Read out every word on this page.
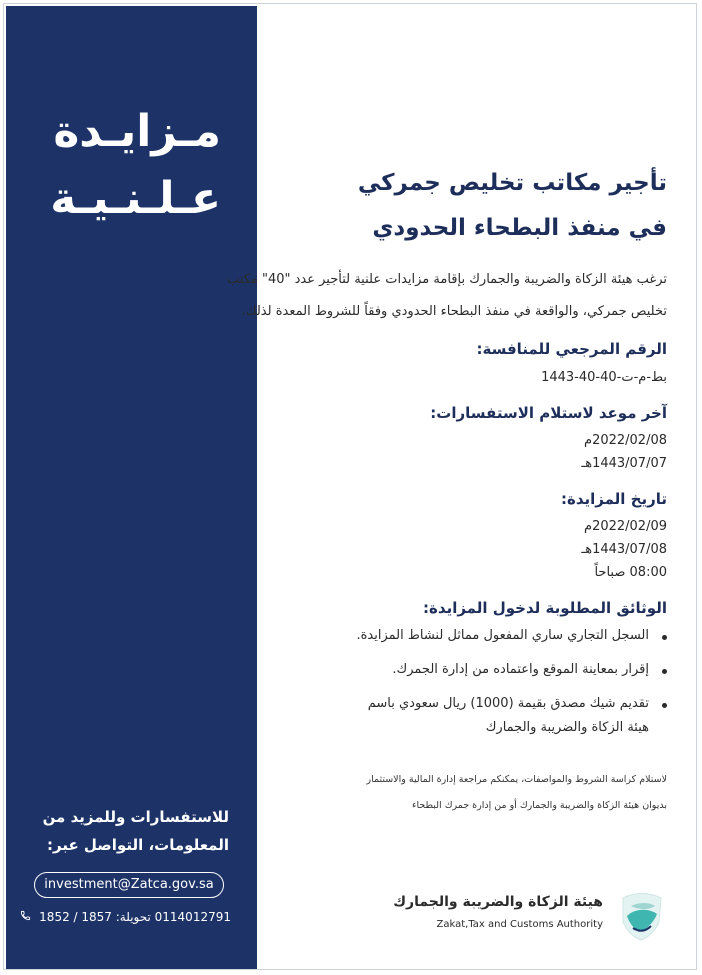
مـزايـدة
عـلـنـيـة
للاستفسارات وللمزيد من
المعلومات، التواصل عبر:
investment@Zatca.gov.sa
0114012791 تحويلة: 1857 / 1852
تأجير مكاتب تخليص جمركي
في منفذ البطحاء الحدودي
ترغب هيئة الزكاة والضريبة والجمارك بإقامة مزايدات علنية لتأجير عدد "40" مكتب
تخليص جمركي، والواقعة في منفذ البطحاء الحدودي وفقاً للشروط المعدة لذلك.
الرقم المرجعي للمنافسة:
بط-م-ت-40-40-1443
آخر موعد لاستلام الاستفسارات:
2022/02/08م
1443/07/07هـ
تاريخ المزايدة:
2022/02/09م
1443/07/08هـ
08:00 صباحاً
الوثائق المطلوبة لدخول المزايدة:
السجل التجاري ساري المفعول مماثل لنشاط المزايدة.
إقرار بمعاينة الموقع واعتماده من إدارة الجمرك.
تقديم شيك مصدق بقيمة (1000) ريال سعودي باسم
هيئة الزكاة والضريبة والجمارك
لاستلام كراسة الشروط والمواصفات، يمكنكم مراجعة إدارة المالية والاستثمار
بديوان هيئة الزكاة والضريبة والجمارك أو من إدارة جمرك البطحاء
هيئة الزكاة والضريبة والجمارك
Zakat,Tax and Customs Authority
